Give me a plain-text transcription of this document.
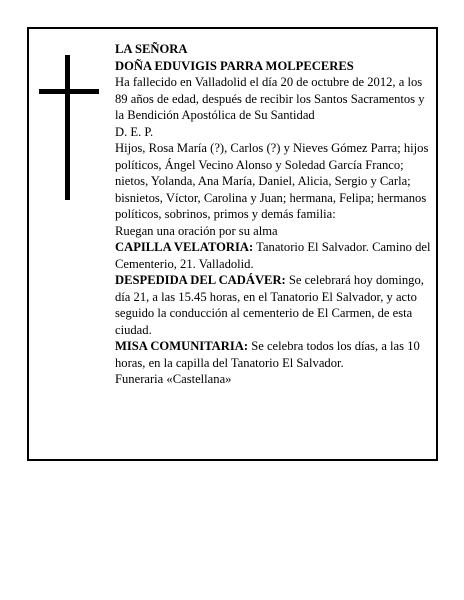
LA SEÑORA

DOÑA EDUVIGIS PARRA MOLPECERES

Ha fallecido en Valladolid el día 20 de octubre de 2012, a los 89 años de edad, después de recibir los Santos Sacramentos y la Bendición Apostólica de Su Santidad

D. E. P.

Hijos, Rosa María (?), Carlos (?) y Nieves Gómez Parra; hijos políticos, Ángel Vecino Alonso y Soledad García Franco; nietos, Yolanda, Ana María, Daniel, Alicia, Sergio y Carla; bisnietos, Víctor, Carolina y Juan; hermana, Felipa; hermanos políticos, sobrinos, primos y demás familia:

Ruegan una oración por su alma

CAPILLA VELATORIA: Tanatorio El Salvador. Camino del Cementerio, 21. Valladolid.

DESPEDIDA DEL CADÁVER: Se celebrará hoy domingo, día 21, a las 15.45 horas, en el Tanatorio El Salvador, y acto seguido la conducción al cementerio de El Carmen, de esta ciudad.

MISA COMUNITARIA: Se celebra todos los días, a las 10 horas, en la capilla del Tanatorio El Salvador.

Funeraria «Castellana»
